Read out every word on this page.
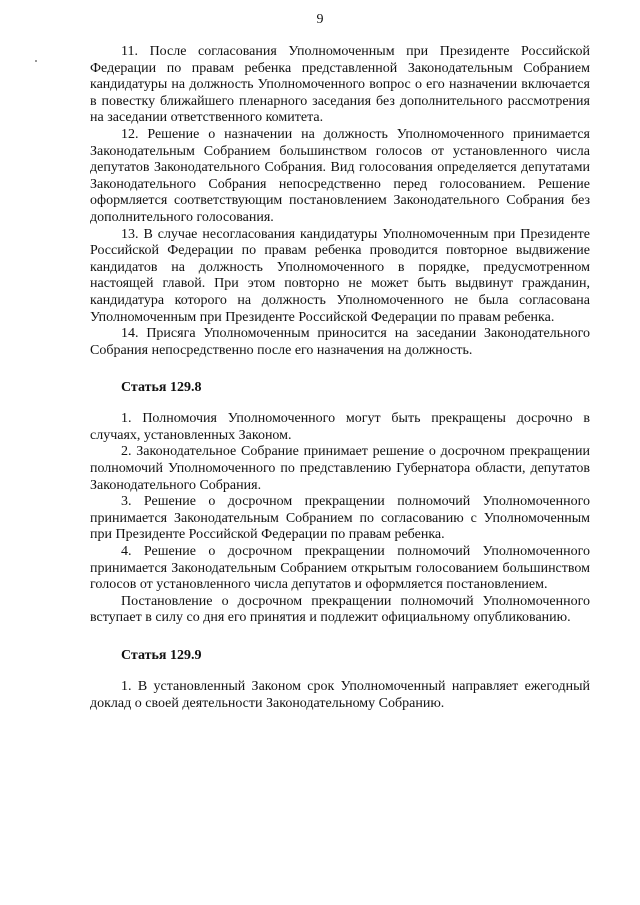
9

11. После согласования Уполномоченным при Президенте Российской Федерации по правам ребенка представленной Законодательным Собранием кандидатуры на должность Уполномоченного вопрос о его назначении включается в повестку ближайшего пленарного заседания без дополнительного рассмотрения на заседании ответственного комитета.

12. Решение о назначении на должность Уполномоченного принимается Законодательным Собранием большинством голосов от установленного числа депутатов Законодательного Собрания. Вид голосования определяется депутатами Законодательного Собрания непосредственно перед голосованием. Решение оформляется соответствующим постановлением Законодательного Собрания без дополнительного голосования.

13. В случае несогласования кандидатуры Уполномоченным при Президенте Российской Федерации по правам ребенка проводится повторное выдвижение кандидатов на должность Уполномоченного в порядке, предусмотренном настоящей главой. При этом повторно не может быть выдвинут гражданин, кандидатура которого на должность Уполномоченного не была согласована Уполномоченным при Президенте Российской Федерации по правам ребенка.

14. Присяга Уполномоченным приносится на заседании Законодательного Собрания непосредственно после его назначения на должность.

Статья 129.8

1. Полномочия Уполномоченного могут быть прекращены досрочно в случаях, установленных Законом.

2. Законодательное Собрание принимает решение о досрочном прекращении полномочий Уполномоченного по представлению Губернатора области, депутатов Законодательного Собрания.

3. Решение о досрочном прекращении полномочий Уполномоченного принимается Законодательным Собранием по согласованию с Уполномоченным при Президенте Российской Федерации по правам ребенка.

4. Решение о досрочном прекращении полномочий Уполномоченного принимается Законодательным Собранием открытым голосованием большинством голосов от установленного числа депутатов и оформляется постановлением.

Постановление о досрочном прекращении полномочий Уполномоченного вступает в силу со дня его принятия и подлежит официальному опубликованию.

Статья 129.9

1. В установленный Законом срок Уполномоченный направляет ежегодный доклад о своей деятельности Законодательному Собранию.
